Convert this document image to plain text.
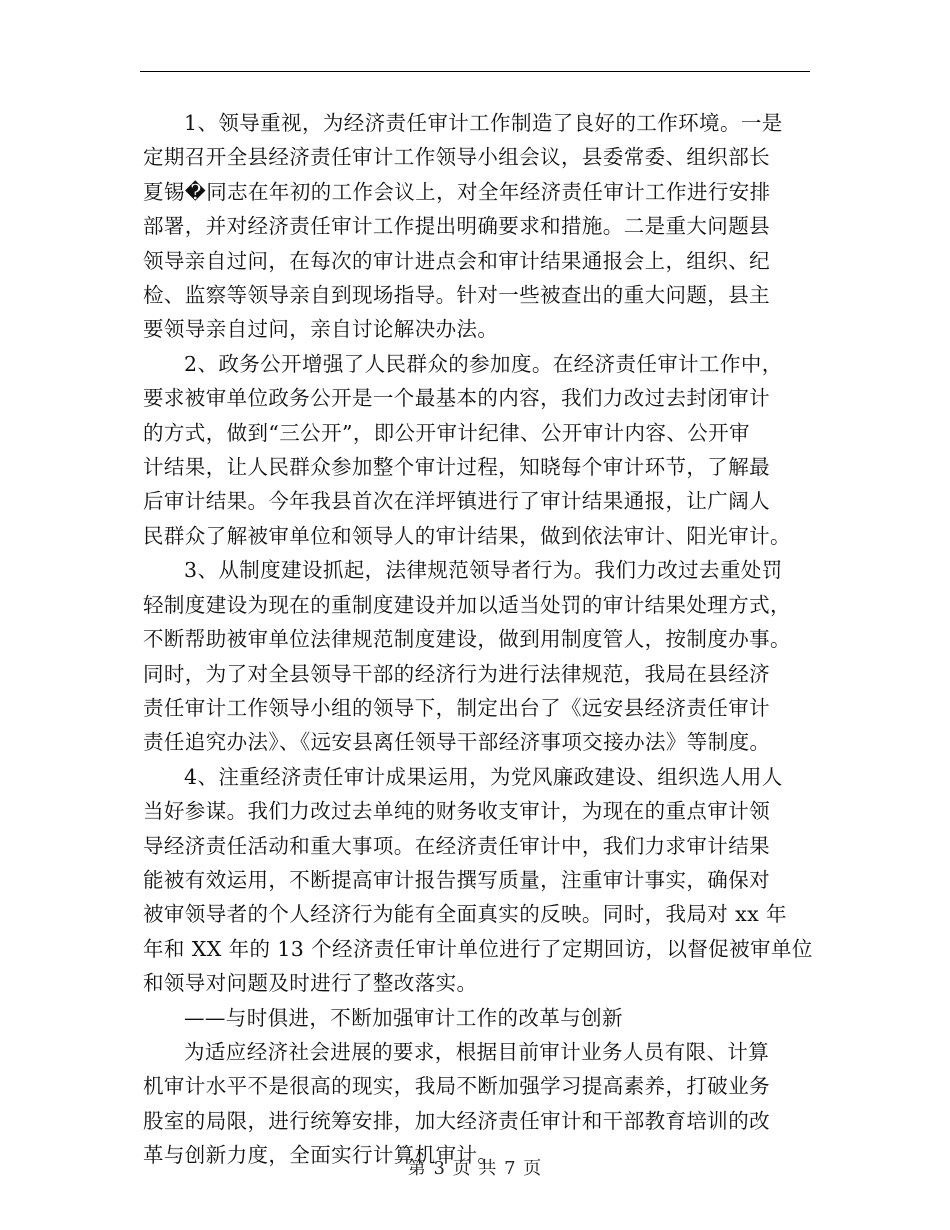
1、领导重视，为经济责任审计工作制造了良好的工作环境。一是
定期召开全县经济责任审计工作领导小组会议，县委常委、组织部长
夏锡�同志在年初的工作会议上，对全年经济责任审计工作进行安排
部署，并对经济责任审计工作提出明确要求和措施。二是重大问题县
领导亲自过问，在每次的审计进点会和审计结果通报会上，组织、纪
检、监察等领导亲自到现场指导。针对一些被查出的重大问题，县主
要领导亲自过问，亲自讨论解决办法。

2、政务公开增强了人民群众的参加度。在经济责任审计工作中，
要求被审单位政务公开是一个最基本的内容，我们力改过去封闭审计
的方式，做到“三公开”，即公开审计纪律、公开审计内容、公开审
计结果，让人民群众参加整个审计过程，知晓每个审计环节，了解最
后审计结果。今年我县首次在洋坪镇进行了审计结果通报，让广阔人
民群众了解被审单位和领导人的审计结果，做到依法审计、阳光审计。

3、从制度建设抓起，法律规范领导者行为。我们力改过去重处罚
轻制度建设为现在的重制度建设并加以适当处罚的审计结果处理方式，
不断帮助被审单位法律规范制度建设，做到用制度管人，按制度办事。
同时，为了对全县领导干部的经济行为进行法律规范，我局在县经济
责任审计工作领导小组的领导下，制定出台了《远安县经济责任审计
责任追究办法》、《远安县离任领导干部经济事项交接办法》等制度。

4、注重经济责任审计成果运用，为党风廉政建设、组织选人用人
当好参谋。我们力改过去单纯的财务收支审计，为现在的重点审计领
导经济责任活动和重大事项。在经济责任审计中，我们力求审计结果
能被有效运用，不断提高审计报告撰写质量，注重审计事实，确保对
被审领导者的个人经济行为能有全面真实的反映。同时，我局对 xx 年
年和 XX 年的 13 个经济责任审计单位进行了定期回访，以督促被审单位
和领导对问题及时进行了整改落实。

——与时俱进，不断加强审计工作的改革与创新

为适应经济社会进展的要求，根据目前审计业务人员有限、计算
机审计水平不是很高的现实，我局不断加强学习提高素养，打破业务
股室的局限，进行统筹安排，加大经济责任审计和干部教育培训的改
革与创新力度，全面实行计算机审计。

第 3 页 共 7 页
